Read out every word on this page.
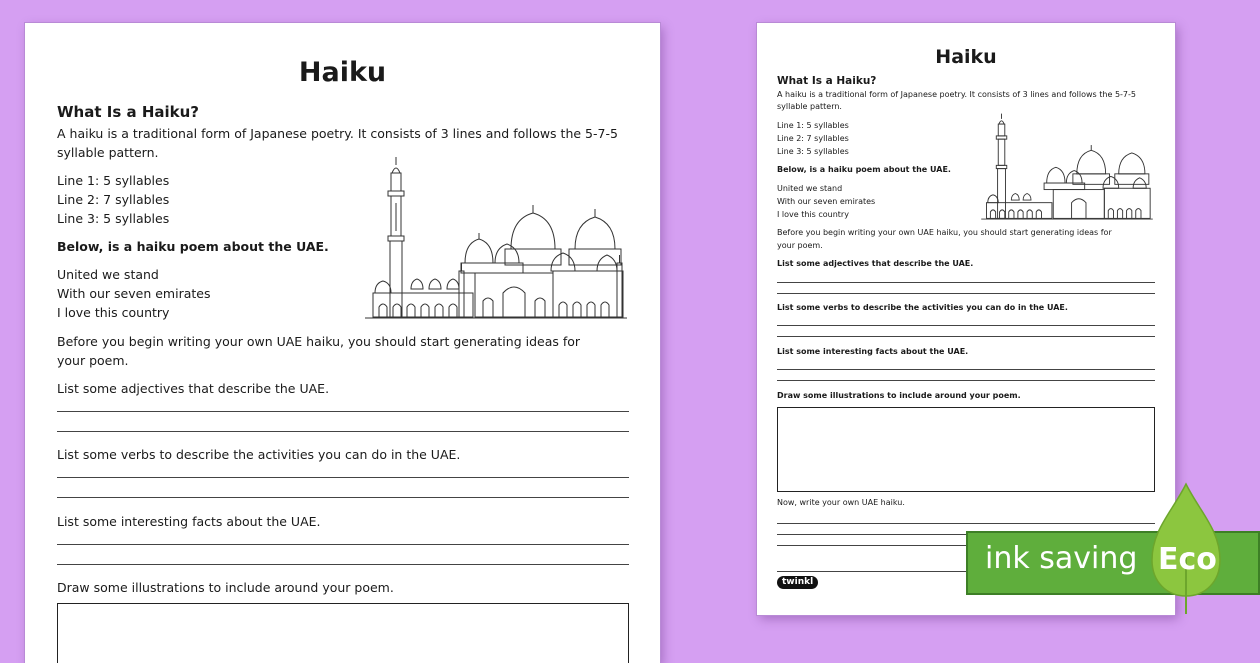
Haiku
What Is a Haiku?
A haiku is a traditional form of Japanese poetry. It consists of 3 lines and follows the 5-7-5
syllable pattern.
Line 1: 5 syllables
Line 2: 7 syllables
Line 3: 5 syllables
Below, is a haiku poem about the UAE.
United we stand
With our seven emirates
I love this country
Before you begin writing your own UAE haiku, you should start generating ideas for
your poem.
List some adjectives that describe the UAE.
List some verbs to describe the activities you can do in the UAE.
List some interesting facts about the UAE.
Draw some illustrations to include around your poem.
Haiku
What Is a Haiku?
A haiku is a traditional form of Japanese poetry. It consists of 3 lines and follows the 5-7-5
syllable pattern.
Line 1: 5 syllables
Line 2: 7 syllables
Line 3: 5 syllables
Below, is a haiku poem about the UAE.
United we stand
With our seven emirates
I love this country
Before you begin writing your own UAE haiku, you should start generating ideas for
your poem.
List some adjectives that describe the UAE.
List some verbs to describe the activities you can do in the UAE.
List some interesting facts about the UAE.
Draw some illustrations to include around your poem.
Now, write your own UAE haiku.
twinkl
ink saving Eco
